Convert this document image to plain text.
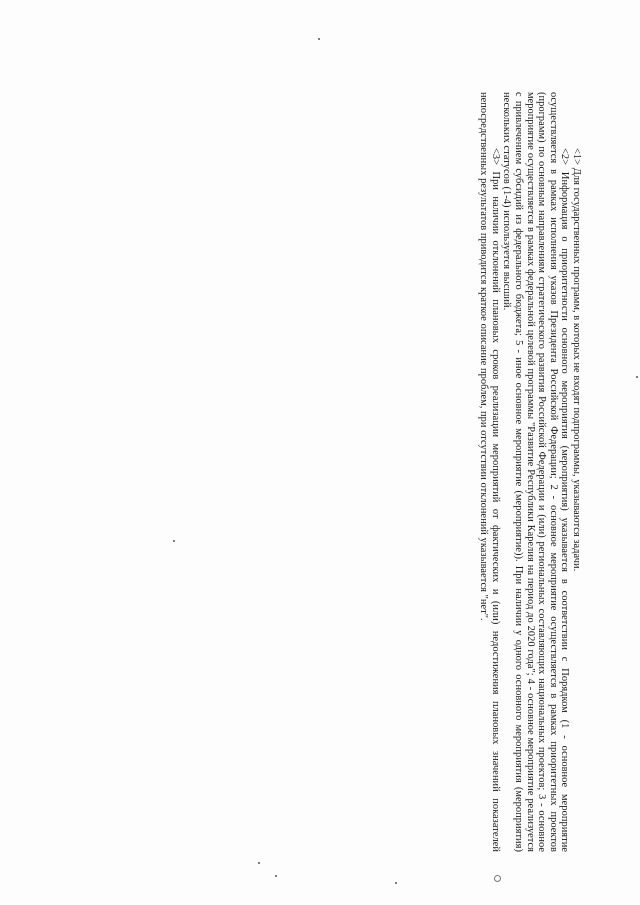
<1> Для государственных программ, в которых не входят подпрограммы, указываются задачи.

<2> Информация о приоритетности основного мероприятия (мероприятия) указывается в соответствии с Порядком (1 - основное мероприятие осуществляется в рамках исполнения указов Президента Российской Федерации; 2 - основное мероприятие осуществляется в рамках приоритетных проектов (программ) по основным направлениям стратегического развития Российской Федерации и (или) региональных составляющих национальных проектов; 3 - основное мероприятие осуществляется в рамках федеральной целевой программы "Развитие Республики Карелия на период до 2020 года"; 4 - основное мероприятие реализуется с привлечением субсидий из федерального бюджета; 5 - иное основное мероприятие (мероприятие)). При наличии у одного основного мероприятия (мероприятия) нескольких статусов (1-4) используется высший.

<3> При наличии отклонений плановых сроков реализации мероприятий от фактических и (или) недостижения плановых значений показателей непосредственных результатов приводится краткое описание проблем, при отсутствии отклонений указывается "нет".
